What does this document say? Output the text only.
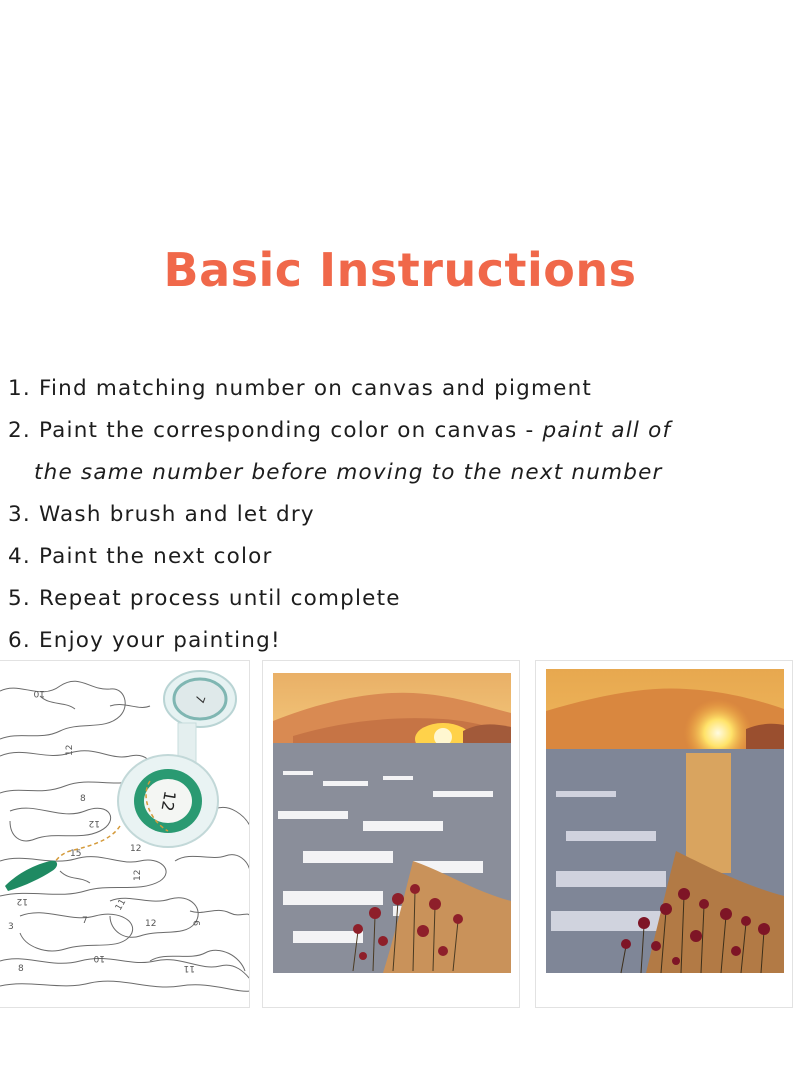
Basic Instructions
1. Find matching number on canvas and pigment
2. Paint the corresponding color on canvas - paint all of
the same number before moving to the next number
3. Wash brush and let dry
4. Paint the next color
5. Repeat process until complete
6. Enjoy your painting!
10
12
12
8
12
15
12
12
11
12
7
10
9
11
8
3
7
12
